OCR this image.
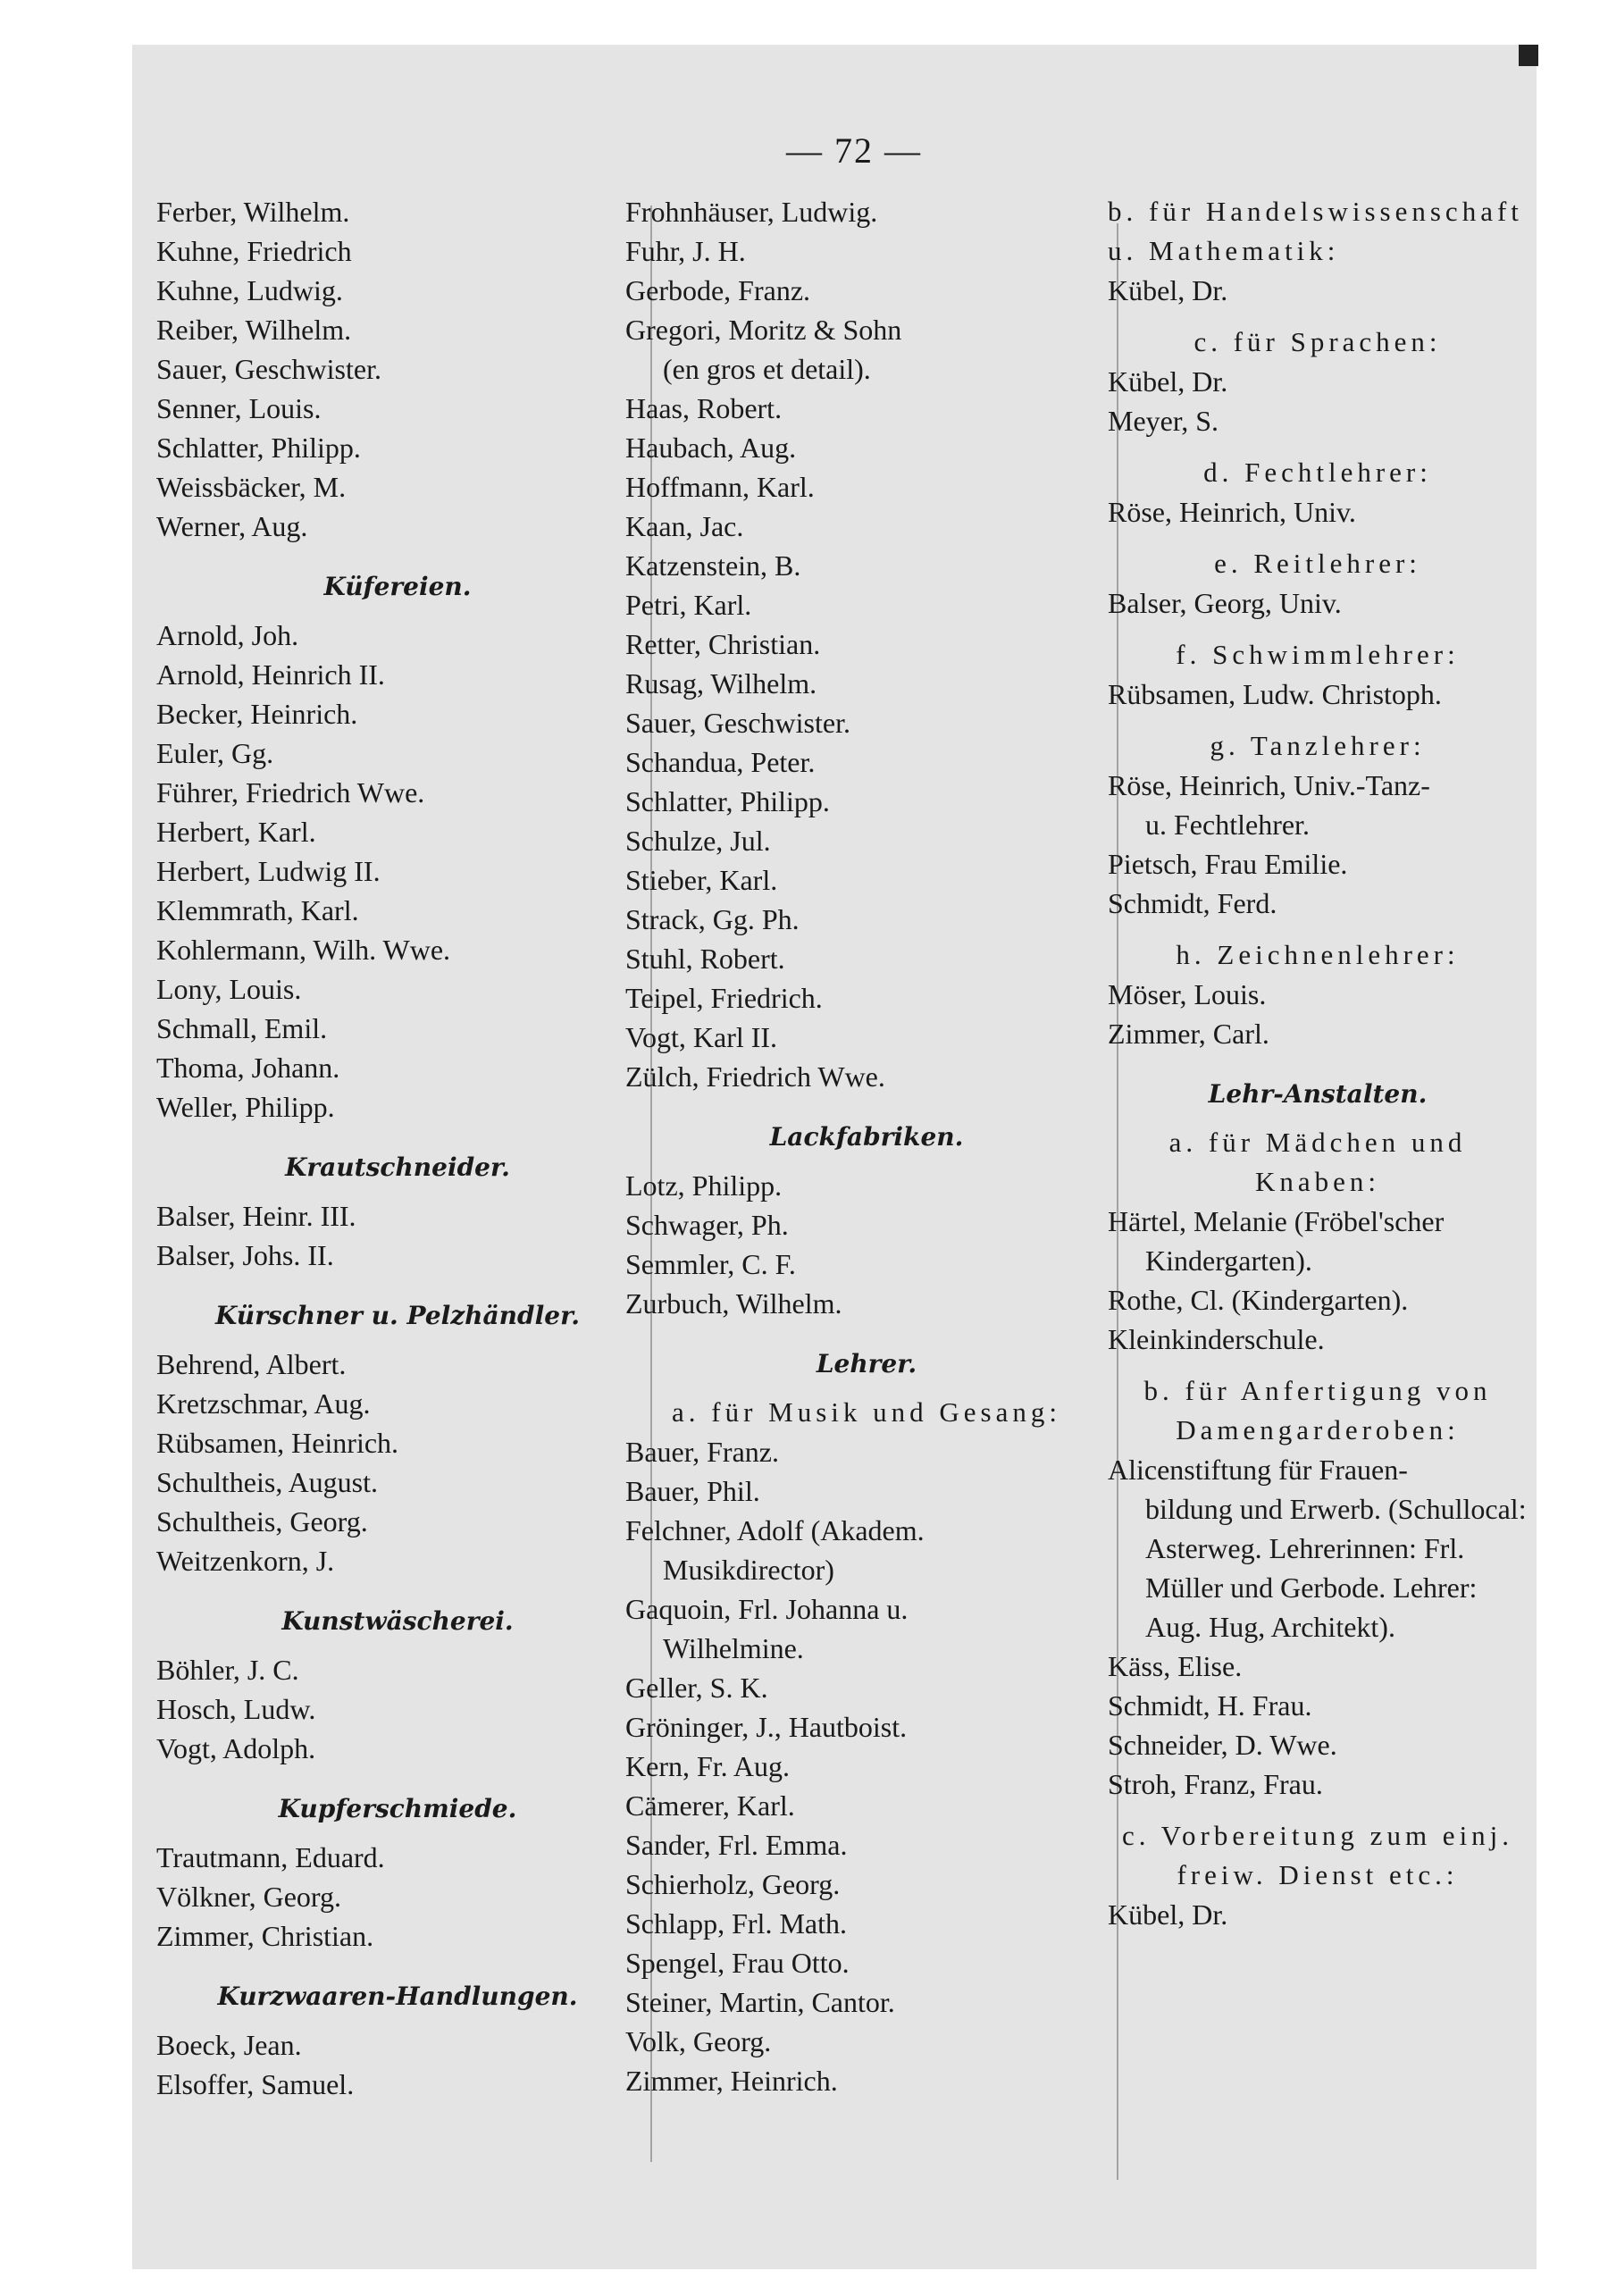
— 72 —
Ferber, Wilhelm.
Kuhne, Friedrich
Kuhne, Ludwig.
Reiber, Wilhelm.
Sauer, Geschwister.
Senner, Louis.
Schlatter, Philipp.
Weissbäcker, M.
Werner, Aug.
Küfereien.
Arnold, Joh.
Arnold, Heinrich II.
Becker, Heinrich.
Euler, Gg.
Führer, Friedrich Wwe.
Herbert, Karl.
Herbert, Ludwig II.
Klemmrath, Karl.
Kohlermann, Wilh. Wwe.
Lony, Louis.
Schmall, Emil.
Thoma, Johann.
Weller, Philipp.
Krautschneider.
Balser, Heinr. III.
Balser, Johs. II.
Kürschner u. Pelzhändler.
Behrend, Albert.
Kretzschmar, Aug.
Rübsamen, Heinrich.
Schultheis, August.
Schultheis, Georg.
Weitzenkorn, J.
Kunstwäscherei.
Böhler, J. C.
Hosch, Ludw.
Vogt, Adolph.
Kupferschmiede.
Trautmann, Eduard.
Völkner, Georg.
Zimmer, Christian.
Kurzwaaren-Handlungen.
Boeck, Jean.
Elsoffer, Samuel.
Frohnhäuser, Ludwig.
Fuhr, J. H.
Gerbode, Franz.
Gregori, Moritz & Sohn
(en gros et detail).
Haas, Robert.
Haubach, Aug.
Hoffmann, Karl.
Kaan, Jac.
Katzenstein, B.
Petri, Karl.
Retter, Christian.
Rusag, Wilhelm.
Sauer, Geschwister.
Schandua, Peter.
Schlatter, Philipp.
Schulze, Jul.
Stieber, Karl.
Strack, Gg. Ph.
Stuhl, Robert.
Teipel, Friedrich.
Vogt, Karl II.
Zülch, Friedrich Wwe.
Lackfabriken.
Lotz, Philipp.
Schwager, Ph.
Semmler, C. F.
Zurbuch, Wilhelm.
Lehrer.
a. für Musik und Gesang:
Bauer, Franz.
Bauer, Phil.
Felchner, Adolf (Akadem.
Musikdirector)
Gaquoin, Frl. Johanna u.
Wilhelmine.
Geller, S. K.
Gröninger, J., Hautboist.
Kern, Fr. Aug.
Cämerer, Karl.
Sander, Frl. Emma.
Schierholz, Georg.
Schlapp, Frl. Math.
Spengel, Frau Otto.
Steiner, Martin, Cantor.
Volk, Georg.
Zimmer, Heinrich.
b. für Handelswissenschaft u. Mathematik:
Kübel, Dr.
c. für Sprachen:
Kübel, Dr.
Meyer, S.
d. Fechtlehrer:
Röse, Heinrich, Univ.
e. Reitlehrer:
Balser, Georg, Univ.
f. Schwimmlehrer:
Rübsamen, Ludw. Christoph.
g. Tanzlehrer:
Röse, Heinrich, Univ.-Tanz-
u. Fechtlehrer.
Pietsch, Frau Emilie.
Schmidt, Ferd.
h. Zeichnenlehrer:
Möser, Louis.
Zimmer, Carl.
Lehr-Anstalten.
a. für Mädchen und Knaben:
Härtel, Melanie (Fröbel'scher
Kindergarten).
Rothe, Cl. (Kindergarten).
Kleinkinderschule.
b. für Anfertigung von Damengarderoben:
Alicenstiftung für Frauen-
bildung und Erwerb. (Schullocal: Asterweg. Lehrerinnen: Frl. Müller und Gerbode. Lehrer: Aug. Hug, Architekt).
Käss, Elise.
Schmidt, H. Frau.
Schneider, D. Wwe.
Stroh, Franz, Frau.
c. Vorbereitung zum einj. freiw. Dienst etc.:
Kübel, Dr.
